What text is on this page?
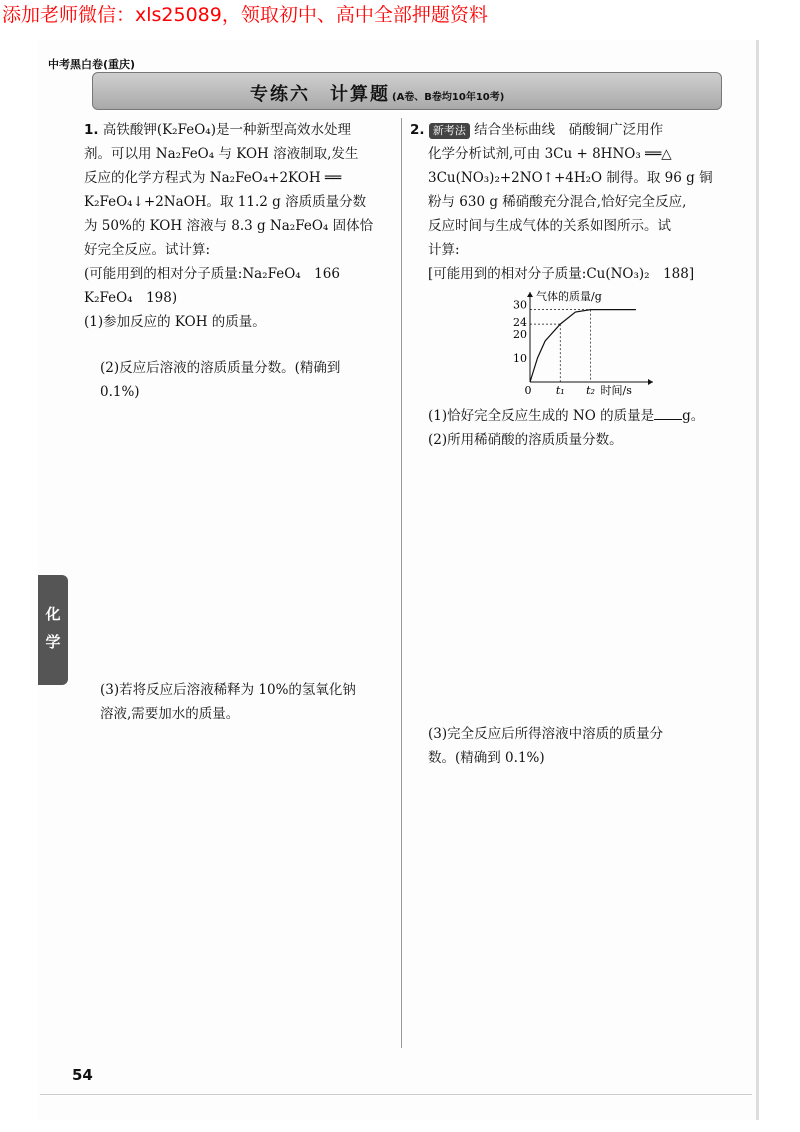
添加老师微信：xls25089，领取初中、高中全部押题资料
中考黑白卷(重庆)
专练六　计算题 (A卷、B卷均10年10考)
化
学

1. 高铁酸钾(K₂FeO₄)是一种新型高效水处理

剂。可以用 Na₂FeO₄ 与 KOH 溶液制取,发生

反应的化学方程式为 Na₂FeO₄+2KOH ══

K₂FeO₄↓+2NaOH。取 11.2 g 溶质质量分数

为 50%的 KOH 溶液与 8.3 g Na₂FeO₄ 固体恰

好完全反应。试计算:

(可能用到的相对分子质量:Na₂FeO₄　166

K₂FeO₄　198)

(1)参加反应的 KOH 的质量。

(2)反应后溶液的溶质质量分数。(精确到

0.1%)

(3)若将反应后溶液稀释为 10%的氢氧化钠

溶液,需要加水的质量。

2. 新考法 结合坐标曲线　硝酸铜广泛用作

化学分析试剂,可由 3Cu + 8HNO₃ ══△

3Cu(NO₃)₂+2NO↑+4H₂O 制得。取 96 g 铜

粉与 630 g 稀硝酸充分混合,恰好完全反应,

反应时间与生成气体的关系如图所示。试

计算:

[可能用到的相对分子质量:Cu(NO₃)₂　188]

10
20
24
30
0 t₁ t₂
气体的质量/g
时间/s

(1)恰好完全反应生成的 NO 的质量是 g。

(2)所用稀硝酸的溶质质量分数。

(3)完全反应后所得溶液中溶质的质量分

数。(精确到 0.1%)

54
